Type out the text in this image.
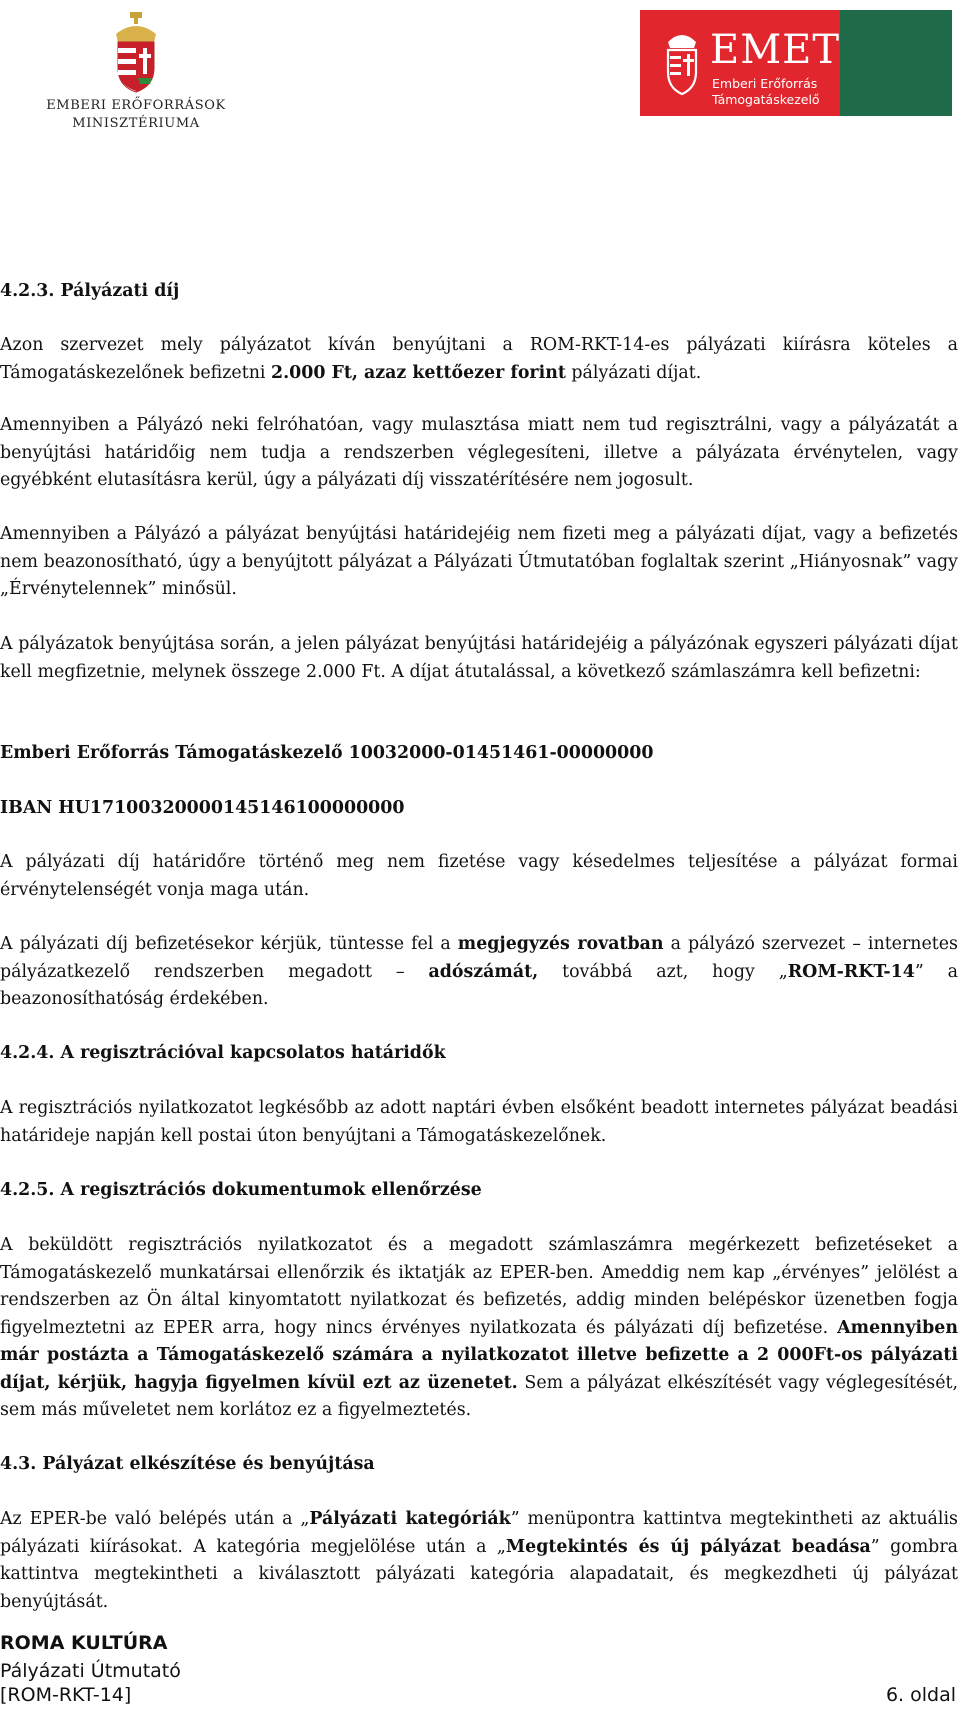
EMBERI ERŐFORRÁSOK
MINISZTÉRIUMA
EMET
Emberi Erőforrás
Támogatáskezelő

4.2.3. Pályázati díj

Azon szervezet mely pályázatot kíván benyújtani a ROM-RKT-14-es pályázati kiírásra köteles a Támogatáskezelőnek befizetni 2.000 Ft, azaz kettőezer forint pályázati díjat.

Amennyiben a Pályázó neki felróhatóan, vagy mulasztása miatt nem tud regisztrálni, vagy a pályázatát a benyújtási határidőig nem tudja a rendszerben véglegesíteni, illetve a pályázata érvénytelen, vagy egyébként elutasításra kerül, úgy a pályázati díj visszatérítésére nem jogosult.

Amennyiben a Pályázó a pályázat benyújtási határidejéig nem fizeti meg a pályázati díjat, vagy a befizetés nem beazonosítható, úgy a benyújtott pályázat a Pályázati Útmutatóban foglaltak szerint „Hiányosnak” vagy „Érvénytelennek” minősül.

A pályázatok benyújtása során, a jelen pályázat benyújtási határidejéig a pályázónak egyszeri pályázati díjat kell megfizetnie, melynek összege 2.000 Ft. A díjat átutalással, a következő számlaszámra kell befizetni:

Emberi Erőforrás Támogatáskezelő 10032000-01451461-00000000

IBAN HU17100320000145146100000000

A pályázati díj határidőre történő meg nem fizetése vagy késedelmes teljesítése a pályázat formai érvénytelenségét vonja maga után.

A pályázati díj befizetésekor kérjük, tüntesse fel a megjegyzés rovatban a pályázó szervezet – internetes pályázatkezelő rendszerben megadott – adószámát, továbbá azt, hogy „ROM-RKT-14” a beazonosíthatóság érdekében.

4.2.4. A regisztrációval kapcsolatos határidők

A regisztrációs nyilatkozatot legkésőbb az adott naptári évben elsőként beadott internetes pályázat beadási határideje napján kell postai úton benyújtani a Támogatáskezelőnek.

4.2.5. A regisztrációs dokumentumok ellenőrzése

A beküldött regisztrációs nyilatkozatot és a megadott számlaszámra megérkezett befizetéseket a Támogatáskezelő munkatársai ellenőrzik és iktatják az EPER-ben. Ameddig nem kap „érvényes” jelölést a rendszerben az Ön által kinyomtatott nyilatkozat és befizetés, addig minden belépéskor üzenetben fogja figyelmeztetni az EPER arra, hogy nincs érvényes nyilatkozata és pályázati díj befizetése. Amennyiben már postázta a Támogatáskezelő számára a nyilatkozatot illetve befizette a 2 000Ft-os pályázati díjat, kérjük, hagyja figyelmen kívül ezt az üzenetet. Sem a pályázat elkészítését vagy véglegesítését, sem más műveletet nem korlátoz ez a figyelmeztetés.

4.3. Pályázat elkészítése és benyújtása

Az EPER-be való belépés után a „Pályázati kategóriák” menüpontra kattintva megtekintheti az aktuális pályázati kiírásokat. A kategória megjelölése után a „Megtekintés és új pályázat beadása” gombra kattintva megtekintheti a kiválasztott pályázati kategória alapadatait, és megkezdheti új pályázat benyújtását.

ROMA KULTÚRA
Pályázati Útmutató
[ROM-RKT-14]	6. oldal
